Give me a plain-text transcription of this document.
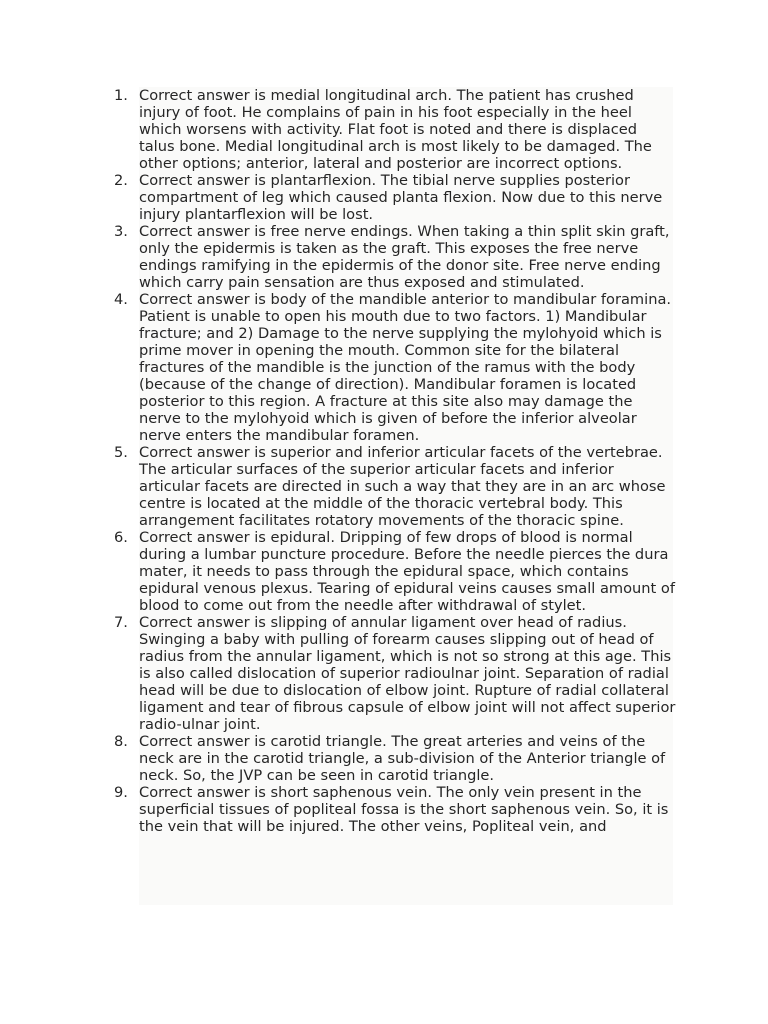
1. Correct answer is medial longitudinal arch. The patient has crushed injury of foot. He complains of pain in his foot especially in the heel which worsens with activity. Flat foot is noted and there is displaced talus bone. Medial longitudinal arch is most likely to be damaged. The other options; anterior, lateral and posterior are incorrect options.
2. Correct answer is plantarflexion. The tibial nerve supplies posterior compartment of leg which caused planta flexion. Now due to this nerve injury plantarflexion will be lost.
3. Correct answer is free nerve endings. When taking a thin split skin graft, only the epidermis is taken as the graft. This exposes the free nerve endings ramifying in the epidermis of the donor site. Free nerve ending which carry pain sensation are thus exposed and stimulated.
4. Correct answer is body of the mandible anterior to mandibular foramina. Patient is unable to open his mouth due to two factors. 1) Mandibular fracture; and 2) Damage to the nerve supplying the mylohyoid which is prime mover in opening the mouth. Common site for the bilateral fractures of the mandible is the junction of the ramus with the body (because of the change of direction). Mandibular foramen is located posterior to this region. A fracture at this site also may damage the nerve to the mylohyoid which is given of before the inferior alveolar nerve enters the mandibular foramen.
5. Correct answer is superior and inferior articular facets of the vertebrae. The articular surfaces of the superior articular facets and inferior articular facets are directed in such a way that they are in an arc whose centre is located at the middle of the thoracic vertebral body. This arrangement facilitates rotatory movements of the thoracic spine.
6. Correct answer is epidural. Dripping of few drops of blood is normal during a lumbar puncture procedure. Before the needle pierces the dura mater, it needs to pass through the epidural space, which contains epidural venous plexus. Tearing of epidural veins causes small amount of blood to come out from the needle after withdrawal of stylet.
7. Correct answer is slipping of annular ligament over head of radius. Swinging a baby with pulling of forearm causes slipping out of head of radius from the annular ligament, which is not so strong at this age. This is also called dislocation of superior radioulnar joint. Separation of radial head will be due to dislocation of elbow joint. Rupture of radial collateral ligament and tear of fibrous capsule of elbow joint will not affect superior radio-ulnar joint.
8. Correct answer is carotid triangle. The great arteries and veins of the neck are in the carotid triangle, a sub-division of the Anterior triangle of neck. So, the JVP can be seen in carotid triangle.
9. Correct answer is short saphenous vein. The only vein present in the superficial tissues of popliteal fossa is the short saphenous vein. So, it is the vein that will be injured. The other veins, Popliteal vein, and
